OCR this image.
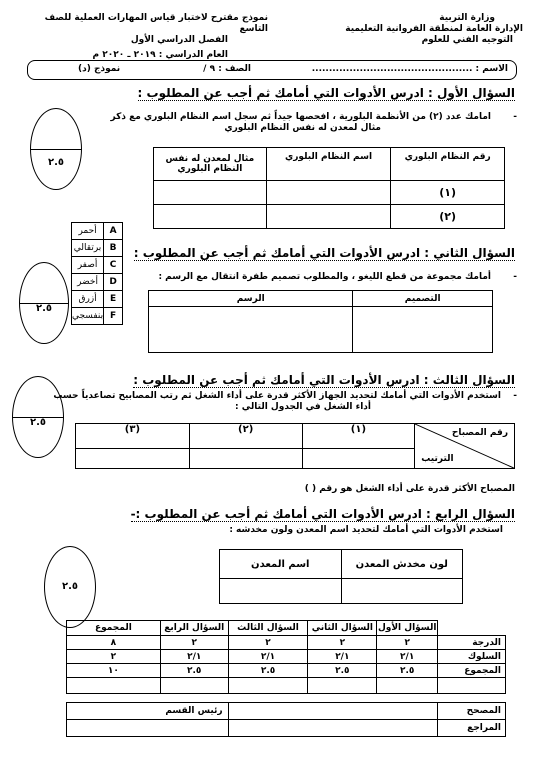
وزارة التربية
الإدارة العامة لمنطقة الفروانية التعليمية
التوجيه الفني للعلوم
نموذج مقترح لاختبار قياس المهارات العملية للصف التاسع
الفصل الدراسي الأول
العام الدراسي : ٢٠١٩ ـ ٢٠٢٠ م
الاسم : ...............................................
الصف : ٩ /
نموذج (د)
السؤال الأول : ادرس الأدوات التي أمامك ثم أجب عن المطلوب :
-
امامك عدد (٢) من الأنظمة البلورية ، افحصها جيداً ثم سجل اسم النظام البلوري مع ذكر
مثال لمعدن له نفس النظام البلوري
٢.٥	رقم النظام البلوري	اسم النظام البلوري	مثال لمعدن له نفس النظام البلوري
(١)		
(٢)		
A	أحمر
B	برتقالي
C	أصفر
D	أخضر
E	أزرق
F	بنفسجي
السؤال الثاني : ادرس الأدوات التي أمامك ثم أجب عن المطلوب :
-
أمامك مجموعة من قطع الليغو ، والمطلوب تصميم طفرة انتقال مع الرسم :
٢.٥
التصميم	الرسم

السؤال الثالث : ادرس الأدوات التي أمامك ثم أجب عن المطلوب :
-
استخدم الأدوات التي أمامك لتحديد الجهاز الأكثر قدرة على أداء الشغل ثم رتب المصابيح تصاعدياً حسب
أداء الشغل في الجدول التالي :
٢.٥
رقم المصباح
الترتيب	(١)	(٢)	(٣)

المصباح الأكثر قدرة على أداء الشغل هو رقم ( )
السؤال الرابع : ادرس الأدوات التي أمامك ثم أجب عن المطلوب :-
استخدم الأدوات التي أمامك لتحديد اسم المعدن ولون مخدشه :
٢.٥
لون مخدش المعدن	اسم المعدن

	السؤال الأول	السؤال الثاني	السؤال الثالث	السؤال الرابع	المجموع
الدرجة	٢	٢	٢	٢	٨
السلوك	٢/١	٢/١	٢/١	٢/١	٢
المجموع	٢.٥	٢.٥	٢.٥	٢.٥	١٠

المصحح		رئيس القسم	
المراجع			
